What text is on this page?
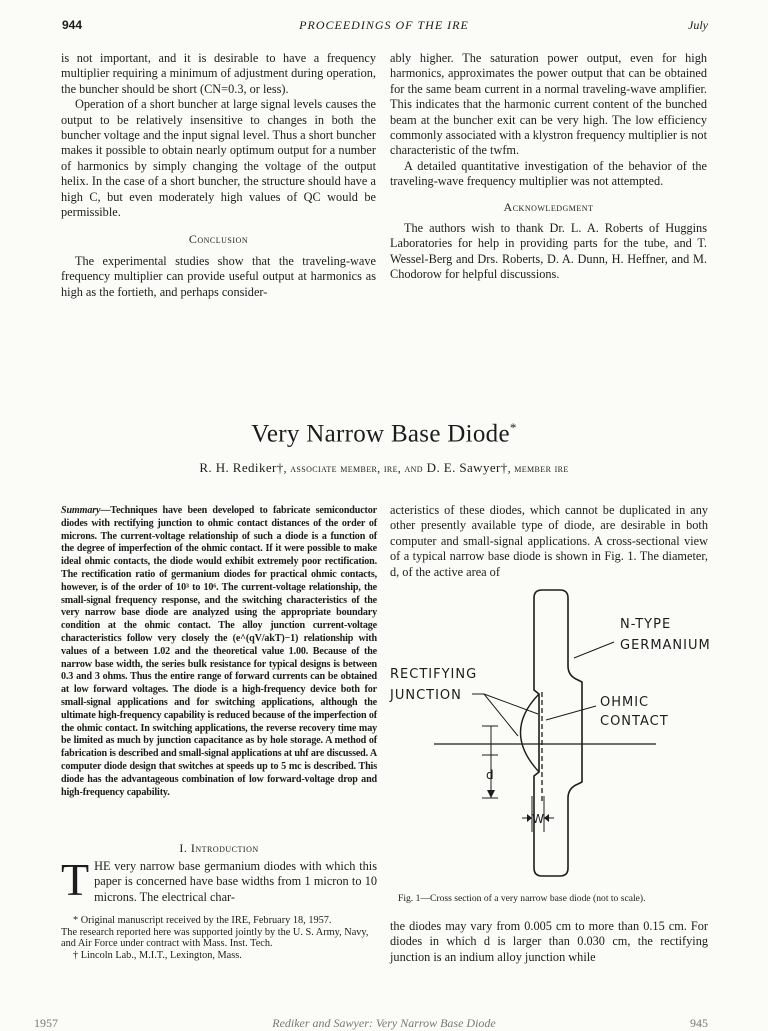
944	PROCEEDINGS OF THE IRE	July

is not important, and it is desirable to have a frequency multiplier requiring a minimum of adjustment during operation, the buncher should be short (CN=0.3, or less).

Operation of a short buncher at large signal levels causes the output to be relatively insensitive to changes in both the buncher voltage and the input signal level. Thus a short buncher makes it possible to obtain nearly optimum output for a number of harmonics by simply changing the voltage of the output helix. In the case of a short buncher, the structure should have a high C, but even moderately high values of QC would be permissible.

Conclusion

The experimental studies show that the traveling-wave frequency multiplier can provide useful output at harmonics as high as the fortieth, and perhaps consider-

ably higher. The saturation power output, even for high harmonics, approximates the power output that can be obtained for the same beam current in a normal traveling-wave amplifier. This indicates that the harmonic current content of the bunched beam at the buncher exit can be very high. The low efficiency commonly associated with a klystron frequency multiplier is not characteristic of the twfm.

A detailed quantitative investigation of the behavior of the traveling-wave frequency multiplier was not attempted.

Acknowledgment

The authors wish to thank Dr. L. A. Roberts of Huggins Laboratories for help in providing parts for the tube, and T. Wessel-Berg and Drs. Roberts, D. A. Dunn, H. Heffner, and M. Chodorow for helpful discussions.

Very Narrow Base Diode*
R. H. Rediker†, associate member, ire, and D. E. Sawyer†, member ire
Summary—Techniques have been developed to fabricate semiconductor diodes with rectifying junction to ohmic contact distances of the order of microns. The current-voltage relationship of such a diode is a function of the degree of imperfection of the ohmic contact. If it were possible to make ideal ohmic contacts, the diode would exhibit extremely poor rectification. The rectification ratio of germanium diodes for practical ohmic contacts, however, is of the order of 10³ to 10⁶. The current-voltage relationship, the small-signal frequency response, and the switching characteristics of the very narrow base diode are analyzed using the appropriate boundary condition at the ohmic contact. The alloy junction current-voltage characteristics follow very closely the (e^(qV/akT)−1) relationship with values of a between 1.02 and the theoretical value 1.00. Because of the narrow base width, the series bulk resistance for typical designs is between 0.3 and 3 ohms. Thus the entire range of forward currents can be obtained at low forward voltages. The diode is a high-frequency device both for small-signal applications and for switching applications, although the ultimate high-frequency capability is reduced because of the imperfection of the ohmic contact. In switching applications, the reverse recovery time may be limited as much by junction capacitance as by hole storage. A method of fabrication is described and small-signal applications at uhf are discussed. A computer diode design that switches at speeds up to 5 mc is described. This diode has the advantageous combination of low forward-voltage drop and high-frequency capability.
I. Introduction
THE very narrow base germanium diodes with which this paper is concerned have base widths from 1 micron to 10 microns. The electrical char-
* Original manuscript received by the IRE, February 18, 1957.
The research reported here was supported jointly by the U. S. Army, Navy, and Air Force under contract with Mass. Inst. Tech.
† Lincoln Lab., M.I.T., Lexington, Mass.

acteristics of these diodes, which cannot be duplicated in any other presently available type of diode, are desirable in both computer and small-signal applications. A cross-sectional view of a typical narrow base diode is shown in Fig. 1. The diameter, d, of the active area of

d
W
N-TYPE
GERMANIUM
RECTIFYING
JUNCTION	OHMIC
CONTACT
Fig. 1—Cross section of a very narrow base diode (not to scale).

the diodes may vary from 0.005 cm to more than 0.15 cm. For diodes in which d is larger than 0.030 cm, the rectifying junction is an indium alloy junction while

1957	Rediker and Sawyer: Very Narrow Base Diode	945
